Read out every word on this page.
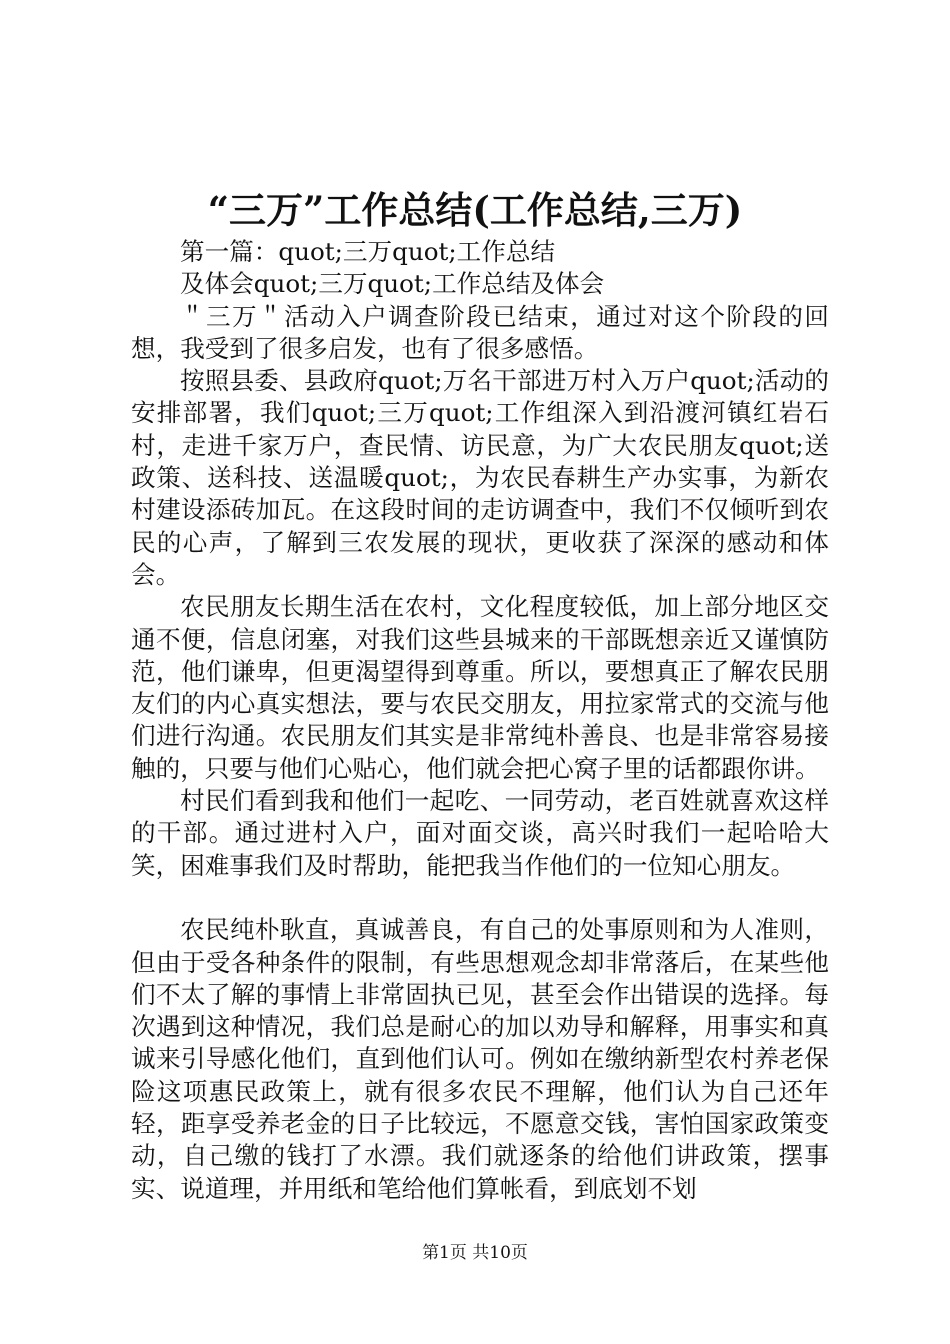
“三万”工作总结(工作总结,三万)

第一篇：quot;三万quot;工作总结

及体会quot;三万quot;工作总结及体会

＂三万＂活动入户调查阶段已结束，通过对这个阶段的回想，我受到了很多启发，也有了很多感悟。

按照县委、县政府quot;万名干部进万村入万户quot;活动的安排部署，我们quot;三万quot;工作组深入到沿渡河镇红岩石村，走进千家万户，查民情、访民意，为广大农民朋友quot;送政策、送科技、送温暖quot;，为农民春耕生产办实事，为新农村建设添砖加瓦。在这段时间的走访调查中，我们不仅倾听到农民的心声，了解到三农发展的现状，更收获了深深的感动和体会。

农民朋友长期生活在农村，文化程度较低，加上部分地区交通不便，信息闭塞，对我们这些县城来的干部既想亲近又谨慎防范，他们谦卑，但更渴望得到尊重。所以，要想真正了解农民朋友们的内心真实想法，要与农民交朋友，用拉家常式的交流与他们进行沟通。农民朋友们其实是非常纯朴善良、也是非常容易接触的，只要与他们心贴心，他们就会把心窝子里的话都跟你讲。

村民们看到我和他们一起吃、一同劳动，老百姓就喜欢这样的干部。通过进村入户，面对面交谈，高兴时我们一起哈哈大笑，困难事我们及时帮助，能把我当作他们的一位知心朋友。

农民纯朴耿直，真诚善良，有自己的处事原则和为人准则，但由于受各种条件的限制，有些思想观念却非常落后，在某些他们不太了解的事情上非常固执已见，甚至会作出错误的选择。每次遇到这种情况，我们总是耐心的加以劝导和解释，用事实和真诚来引导感化他们，直到他们认可。例如在缴纳新型农村养老保险这项惠民政策上，就有很多农民不理解，他们认为自己还年轻，距享受养老金的日子比较远，不愿意交钱，害怕国家政策变动，自己缴的钱打了水漂。我们就逐条的给他们讲政策，摆事实、说道理，并用纸和笔给他们算帐看，到底划不划

第1页 共10页
